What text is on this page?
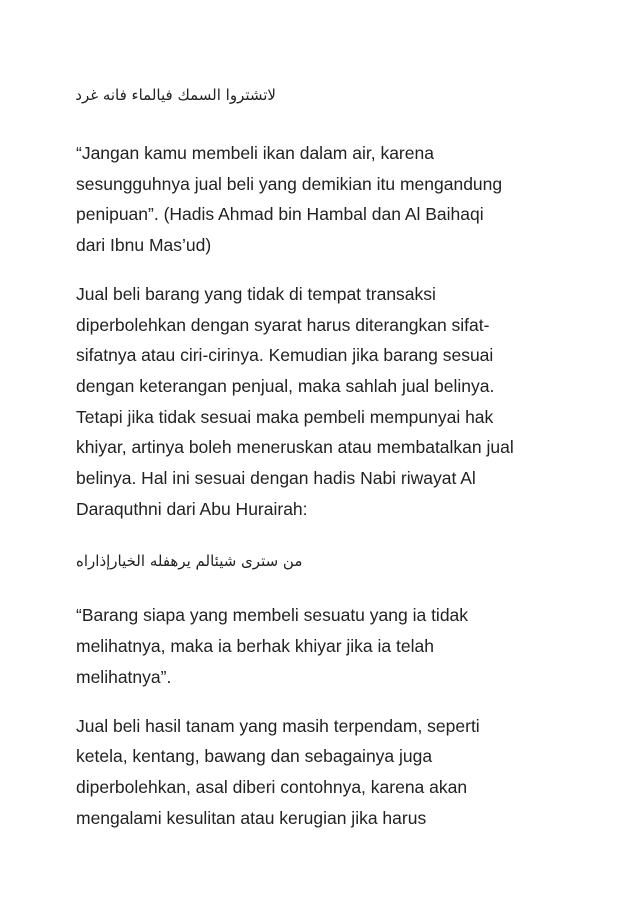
لاتشتروا السمك فيالماء فانه غرد

“Jangan kamu membeli ikan dalam air, karena
sesungguhnya jual beli yang demikian itu mengandung
penipuan”. (Hadis Ahmad bin Hambal dan Al Baihaqi
dari Ibnu Mas’ud)

Jual beli barang yang tidak di tempat transaksi
diperbolehkan dengan syarat harus diterangkan sifat-
sifatnya atau ciri-cirinya. Kemudian jika barang sesuai
dengan keterangan penjual, maka sahlah jual belinya.
Tetapi jika tidak sesuai maka pembeli mempunyai hak
khiyar, artinya boleh meneruskan atau membatalkan jual
belinya. Hal ini sesuai dengan hadis Nabi riwayat Al
Daraquthni dari Abu Hurairah:

من سترى شيئالم يرهفله الخيارإذاراه

“Barang siapa yang membeli sesuatu yang ia tidak
melihatnya, maka ia berhak khiyar jika ia telah
melihatnya”.

Jual beli hasil tanam yang masih terpendam, seperti
ketela, kentang, bawang dan sebagainya juga
diperbolehkan, asal diberi contohnya, karena akan
mengalami kesulitan atau kerugian jika harus
